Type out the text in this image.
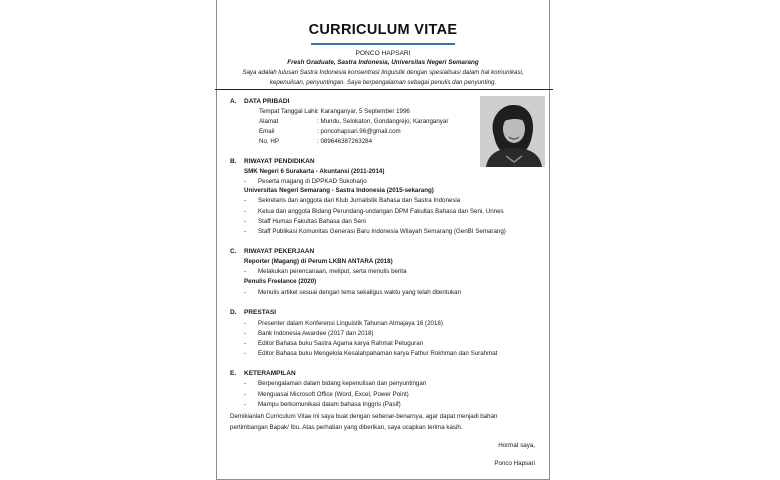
CURRICULUM VITAE
PONCO HAPSARI
Fresh Graduate, Sastra Indonesia, Universitas Negeri Semarang
Saya adalah lulusan Sastra Indonesia konsentrasi linguistik dengan spesialisasi dalam hal komunikasi, kepenulisan, penyuntingan. Saya berpengalaman sebagai penulis dan penyunting.
A. DATA PRIBADI
Tempat Tanggal Lahir: Karanganyar, 5 September 1996
Alamat	: Mundu, Selokaton, Gondangrejo, Karanganyar
Email	: poncohapsari.96@gmail.com
No. HP	: 089646387263284
B. RIWAYAT PENDIDIKAN
SMK Negeri 6 Surakarta - Akuntansi (2011-2014)
- Peserta magang di DPPKAD Sukoharjo
Universitas Negeri Semarang - Sastra Indonesia (2015-sekarang)
- Sekretaris dan anggota dari Klub Jurnalistik Bahasa dan Sastra Indonesia
- Ketua dan anggota Bidang Perundang-undangan DPM Fakultas Bahasa dan Seni, Unnes
- Staff Humas Fakultas Bahasa dan Seni
- Staff Publikasi Komunitas Generasi Baru Indonesia Wilayah Semarang (GenBI Semarang)
C. RIWAYAT PEKERJAAN
Reporter (Magang) di Perum LKBN ANTARA (2018)
- Melakukan perencanaan, meliput, serta menulis berita
Penulis Freelance (2020)
- Menulis artikel sesuai dengan tema sekaligus waktu yang telah ditentukan
D. PRESTASI
- Presenter dalam Konferensi Linguistik Tahunan Atmajaya 16 (2018)
- Bank Indonesia Awardee (2017 dan 2018)
- Editor Bahasa buku Sastra Agama karya Rahmat Petuguran
- Editor Bahasa buku Mengelola Kesalahpahaman karya Fathur Rokhman dan Surahmat
E. KETERAMPILAN
- Berpengalaman dalam bidang kepenulisan dan penyuntingan
- Menguasai Microsoft Office (Word, Excel, Power Point)
- Mampu berkomunikasi dalam bahasa Inggris (Pasif)
Demikianlah Curriculum Vitae ini saya buat dengan sebenar-benarnya, agar dapat menjadi bahan pertimbangan Bapak/ Ibu. Atas perhatian yang diberikan, saya ucapkan terima kasih.
Hormat saya,
Ponco Hapsari
